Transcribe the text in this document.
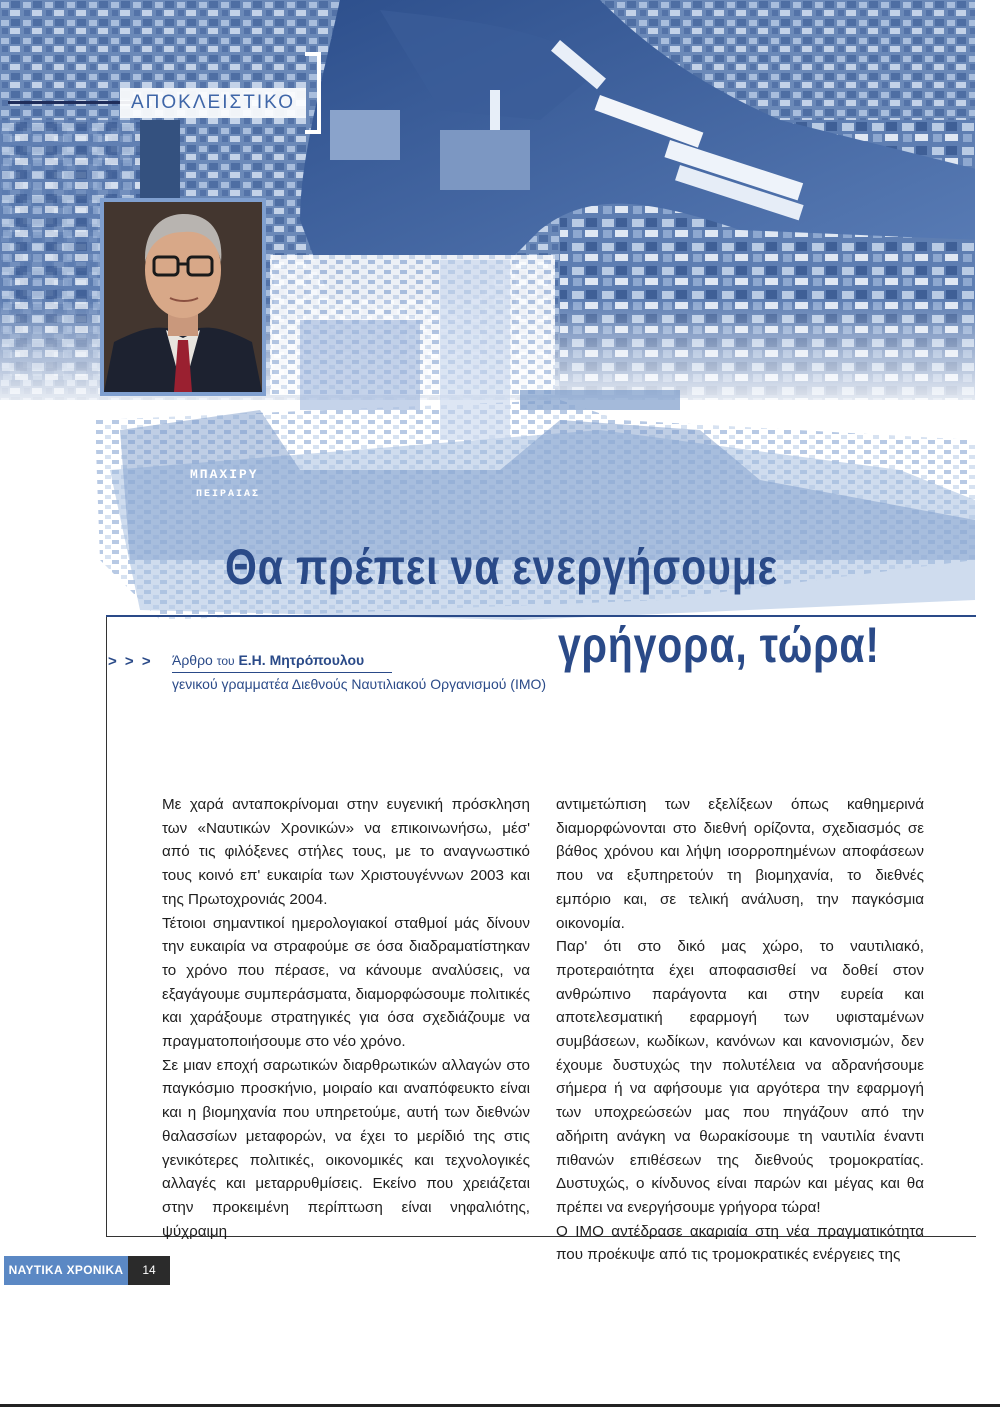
ΜΠΑΧΙΡΥ
ΠΕΙΡΑΙΑΣ
ΑΠΟΚΛΕΙΣΤΙΚΟ
Θα πρέπει να ενεργήσουμε
γρήγορα, τώρα!
> > > Άρθρο του Ε.Η. Μητρόπουλου
γενικού γραμματέα Διεθνούς Ναυτιλιακού Οργανισμού (ΙΜΟ)

Με χαρά ανταποκρίνομαι στην ευγενική πρόσκληση των «Ναυτικών Χρονικών» να επικοινωνήσω, μέσ' από τις φιλόξενες στήλες τους, με το αναγνωστικό τους κοινό επ' ευκαιρία των Χριστουγέννων 2003 και της Πρωτοχρονιάς 2004.

Τέτοιοι σημαντικοί ημερολογιακοί σταθμοί μάς δίνουν την ευκαιρία να στραφούμε σε όσα διαδραματίστηκαν το χρόνο που πέρασε, να κάνουμε αναλύσεις, να εξαγάγουμε συμπεράσματα, διαμορφώσουμε πολιτικές και χαράξουμε στρατηγικές για όσα σχεδιάζουμε να πραγματοποιήσουμε στο νέο χρόνο.

Σε μιαν εποχή σαρωτικών διαρθρωτικών αλλαγών στο παγκόσμιο προσκήνιο, μοιραίο και αναπόφευκτο είναι και η βιομηχανία που υπηρετούμε, αυτή των διεθνών θαλασσίων μεταφορών, να έχει το μερίδιό της στις γενικότερες πολιτικές, οικονομικές και τεχνολογικές αλλαγές και μεταρρυθμίσεις. Εκείνο που χρειάζεται στην προκειμένη περίπτωση είναι νηφαλιότης, ψύχραιμη

αντιμετώπιση των εξελίξεων όπως καθημερινά διαμορφώνονται στο διεθνή ορίζοντα, σχεδιασμός σε βάθος χρόνου και λήψη ισορροπημένων αποφάσεων που να εξυπηρετούν τη βιομηχανία, το διεθνές εμπόριο και, σε τελική ανάλυση, την παγκόσμια οικονομία.

Παρ' ότι στο δικό μας χώρο, το ναυτιλιακό, προτεραιότητα έχει αποφασισθεί να δοθεί στον ανθρώπινο παράγοντα και στην ευρεία και αποτελεσματική εφαρμογή των υφισταμένων συμβάσεων, κωδίκων, κανόνων και κανονισμών, δεν έχουμε δυστυχώς την πολυτέλεια να αδρανήσουμε σήμερα ή να αφήσουμε για αργότερα την εφαρμογή των υποχρεώσεών μας που πηγάζουν από την αδήριτη ανάγκη να θωρακίσουμε τη ναυτιλία έναντι πιθανών επιθέσεων της διεθνούς τρομοκρατίας. Δυστυχώς, ο κίνδυνος είναι παρών και μέγας και θα πρέπει να ενεργήσουμε γρήγορα τώρα!

Ο ΙΜΟ αντέδρασε ακαριαία στη νέα πραγματικότητα που προέκυψε από τις τρομοκρατικές ενέργειες της

ΝΑΥΤΙΚΑ ΧΡΟΝΙΚΑ	14
